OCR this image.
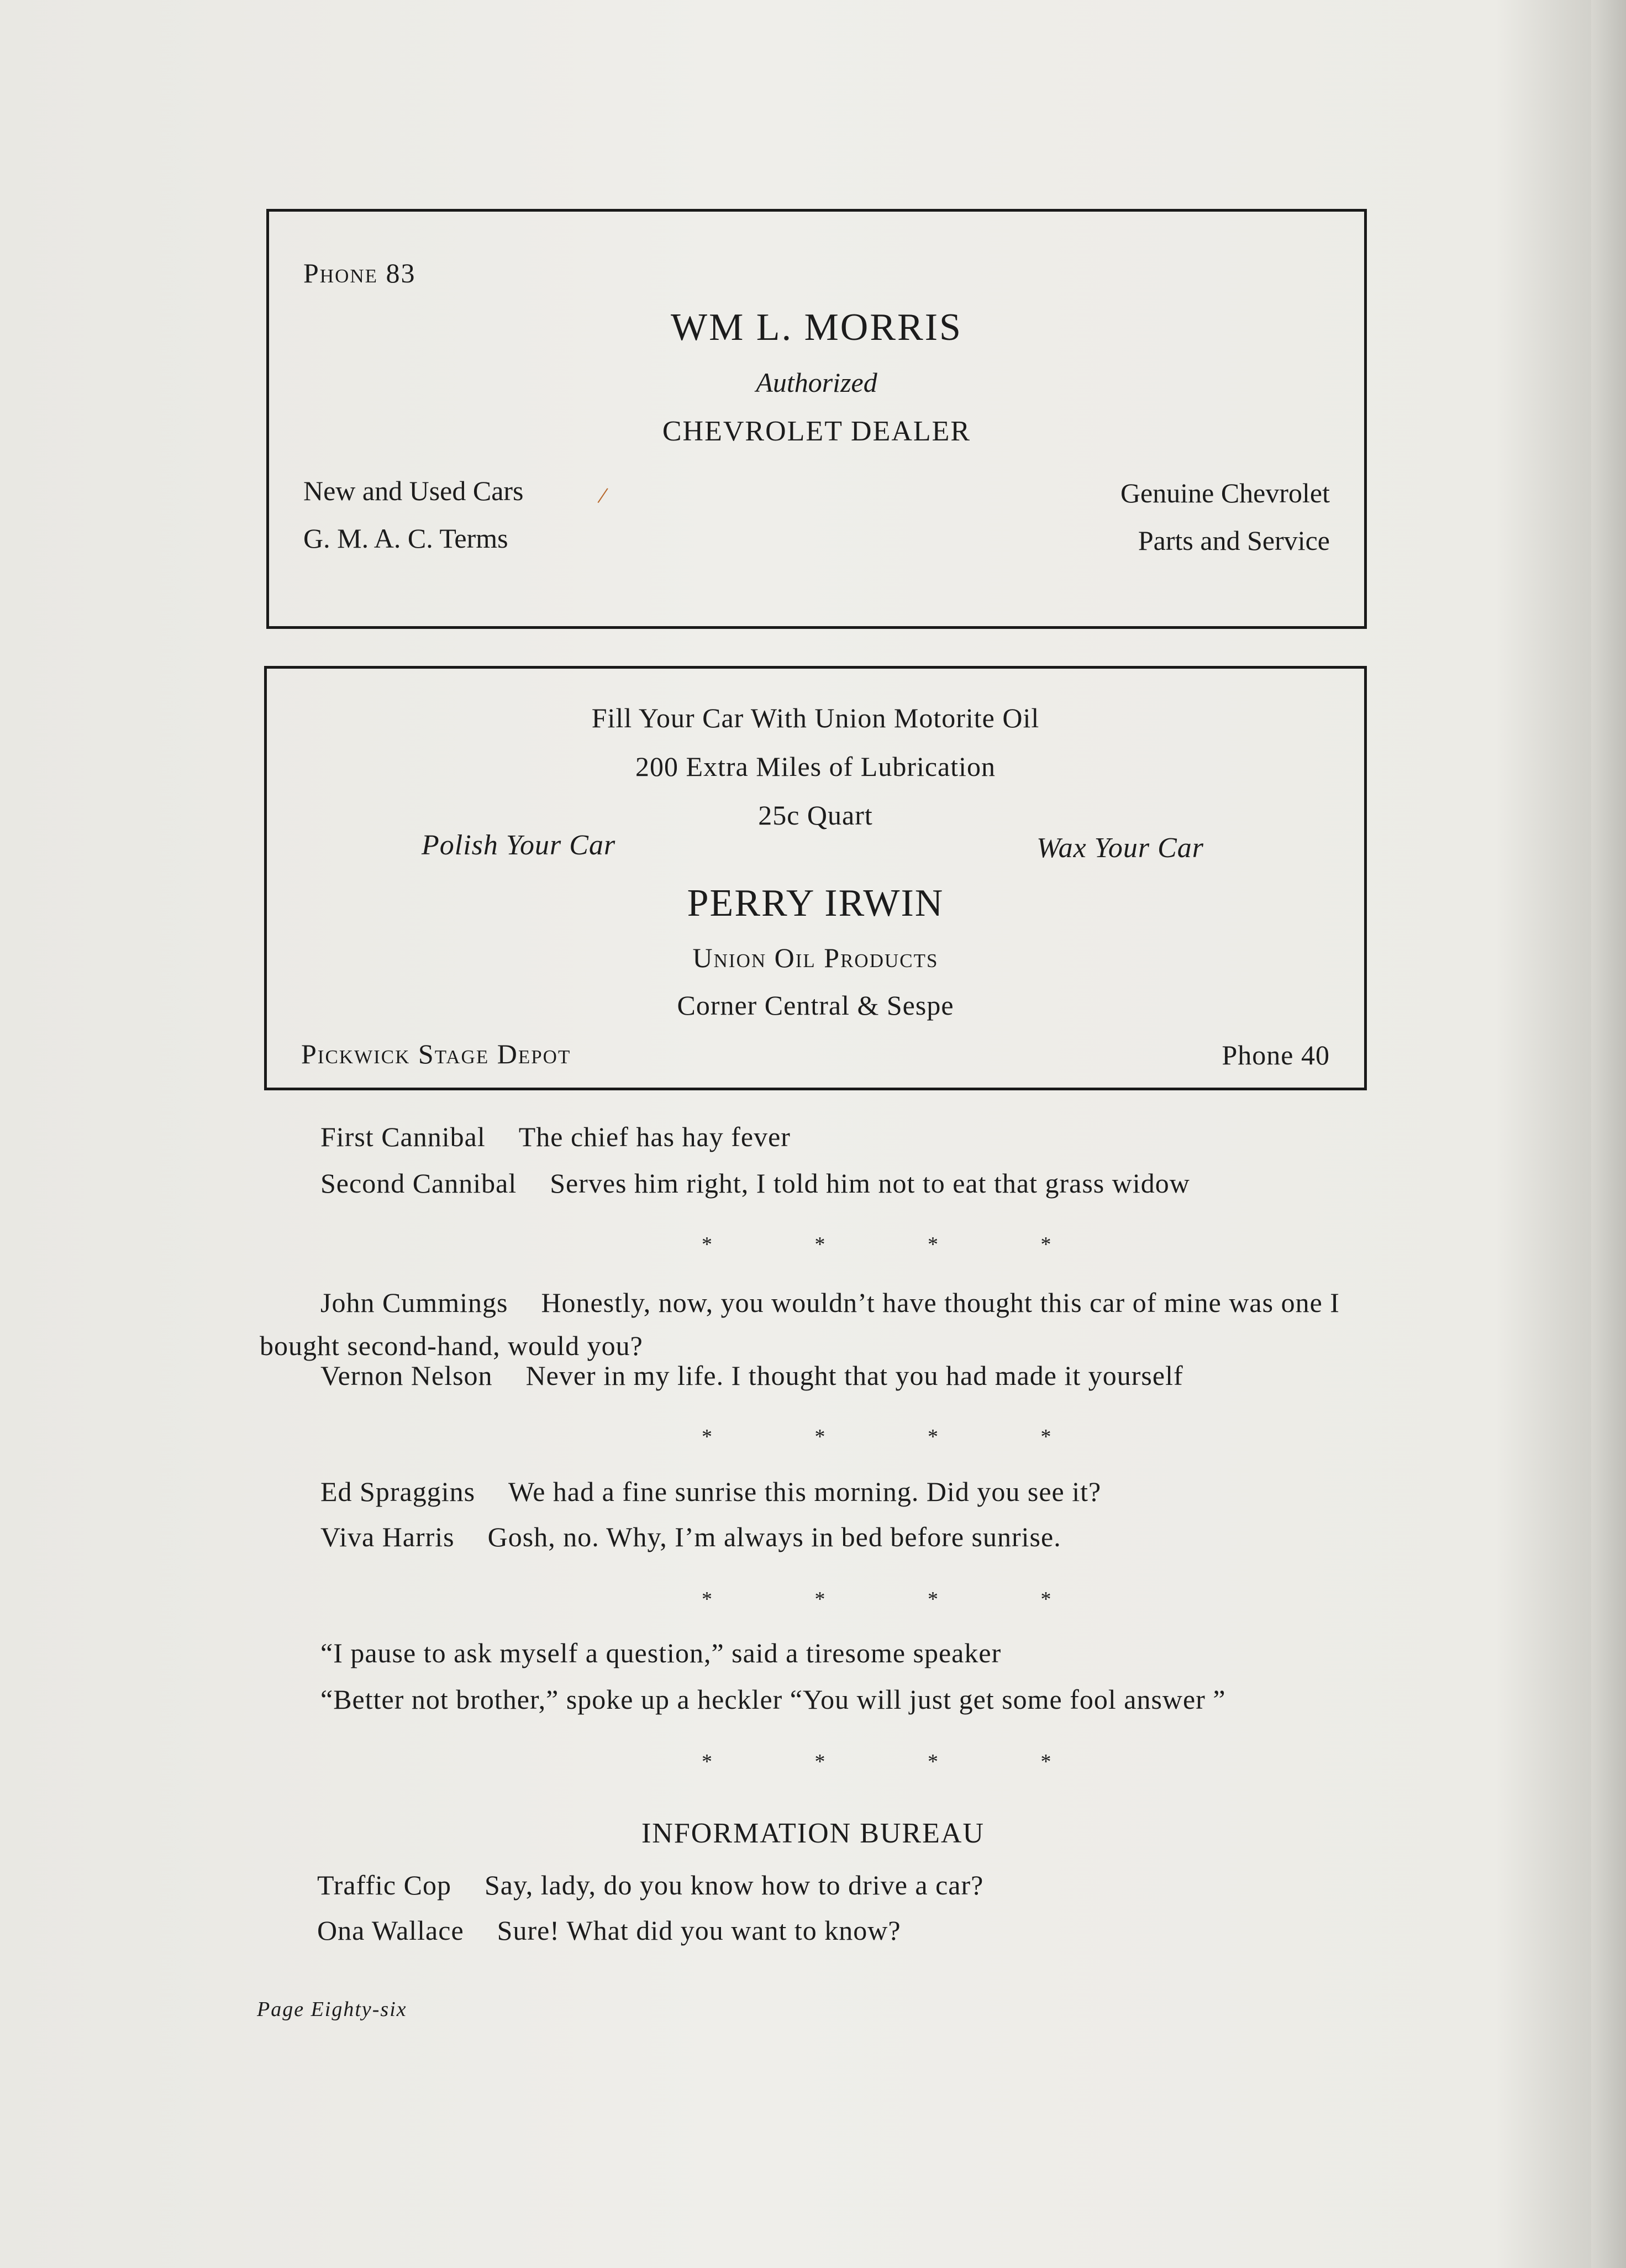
Phone 83
WM L. MORRIS
Authorized
CHEVROLET DEALER
New and Used Cars	/
G. M. A. C. Terms
Genuine Chevrolet
Parts and Service
Fill Your Car With Union Motorite Oil
200 Extra Miles of Lubrication
25c Quart
Polish Your Car	Wax Your Car
PERRY IRWIN
Union Oil Products
Corner Central & Sespe
Pickwick Stage Depot	Phone 40
First Cannibal The chief has hay fever
Second Cannibal Serves him right, I told him not to eat that grass widow
* * * *
John Cummings Honestly, now, you wouldn’t have thought this car of mine was one I bought second-hand, would you?
Vernon Nelson Never in my life. I thought that you had made it yourself
* * * *
Ed Spraggins We had a fine sunrise this morning. Did you see it?
Viva Harris Gosh, no. Why, I’m always in bed before sunrise.
* * * *
“I pause to ask myself a question,” said a tiresome speaker
“Better not brother,” spoke up a heckler “You will just get some fool answer ”
* * * *
INFORMATION BUREAU
Traffic Cop Say, lady, do you know how to drive a car?
Ona Wallace Sure! What did you want to know?
Page Eighty-six
